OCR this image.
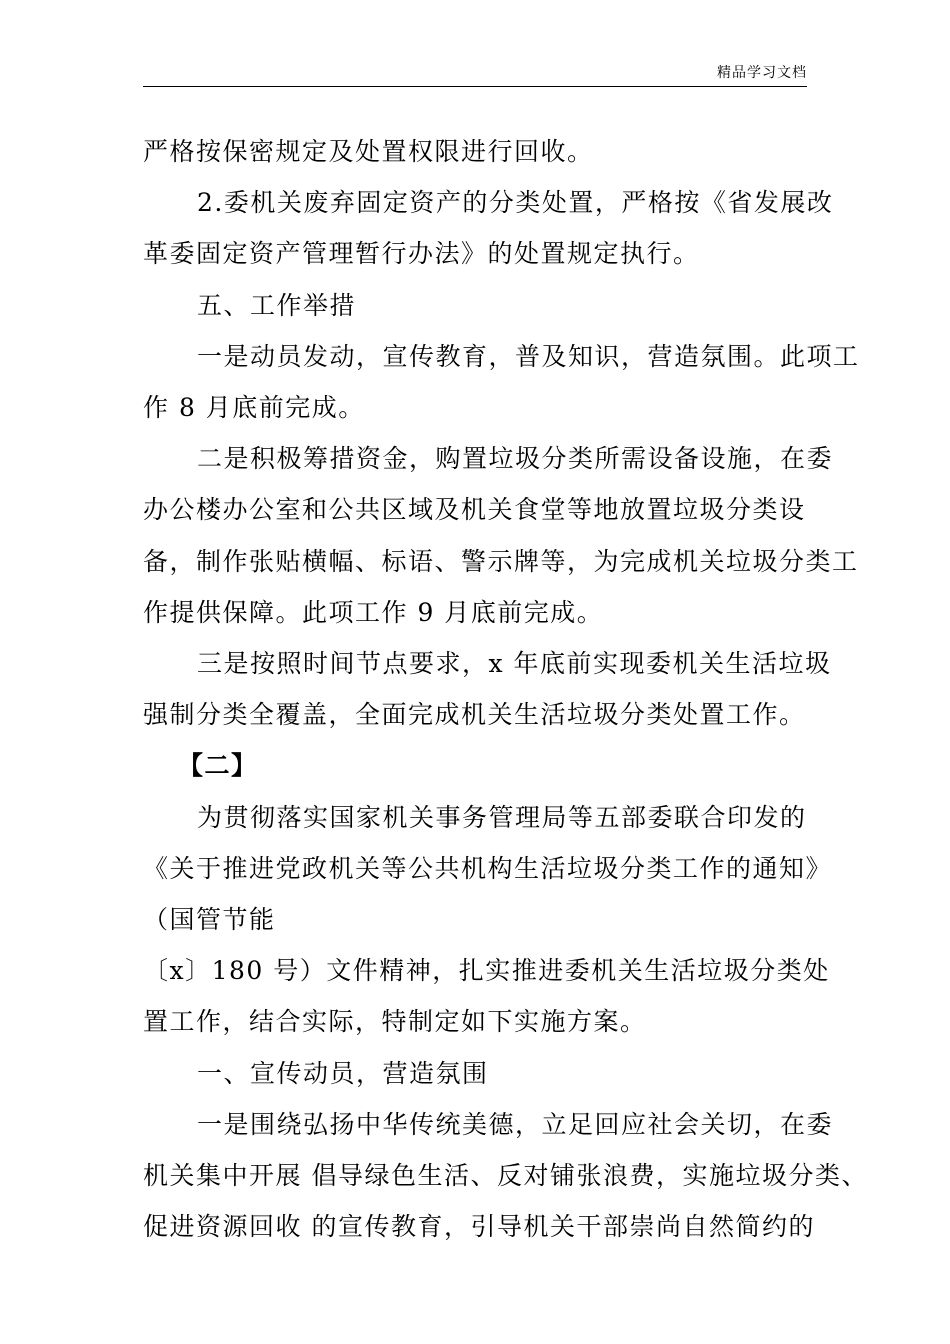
精品学习文档

严格按保密规定及处置权限进行回收。

2.委机关废弃固定资产的分类处置，严格按《省发展改

革委固定资产管理暂行办法》的处置规定执行。

五、工作举措

一是动员发动，宣传教育，普及知识，营造氛围。此项工

作 8 月底前完成。

二是积极筹措资金，购置垃圾分类所需设备设施，在委

办公楼办公室和公共区域及机关食堂等地放置垃圾分类设

备，制作张贴横幅、标语、警示牌等，为完成机关垃圾分类工

作提供保障。此项工作 9 月底前完成。

三是按照时间节点要求，x 年底前实现委机关生活垃圾

强制分类全覆盖，全面完成机关生活垃圾分类处置工作。

【二】

为贯彻落实国家机关事务管理局等五部委联合印发的

《关于推进党政机关等公共机构生活垃圾分类工作的通知》

（国管节能

〔x〕180 号）文件精神，扎实推进委机关生活垃圾分类处

置工作，结合实际，特制定如下实施方案。

一、宣传动员，营造氛围

一是围绕弘扬中华传统美德，立足回应社会关切，在委

机关集中开展 倡导绿色生活、反对铺张浪费，实施垃圾分类、

促进资源回收 的宣传教育，引导机关干部崇尚自然简约的
